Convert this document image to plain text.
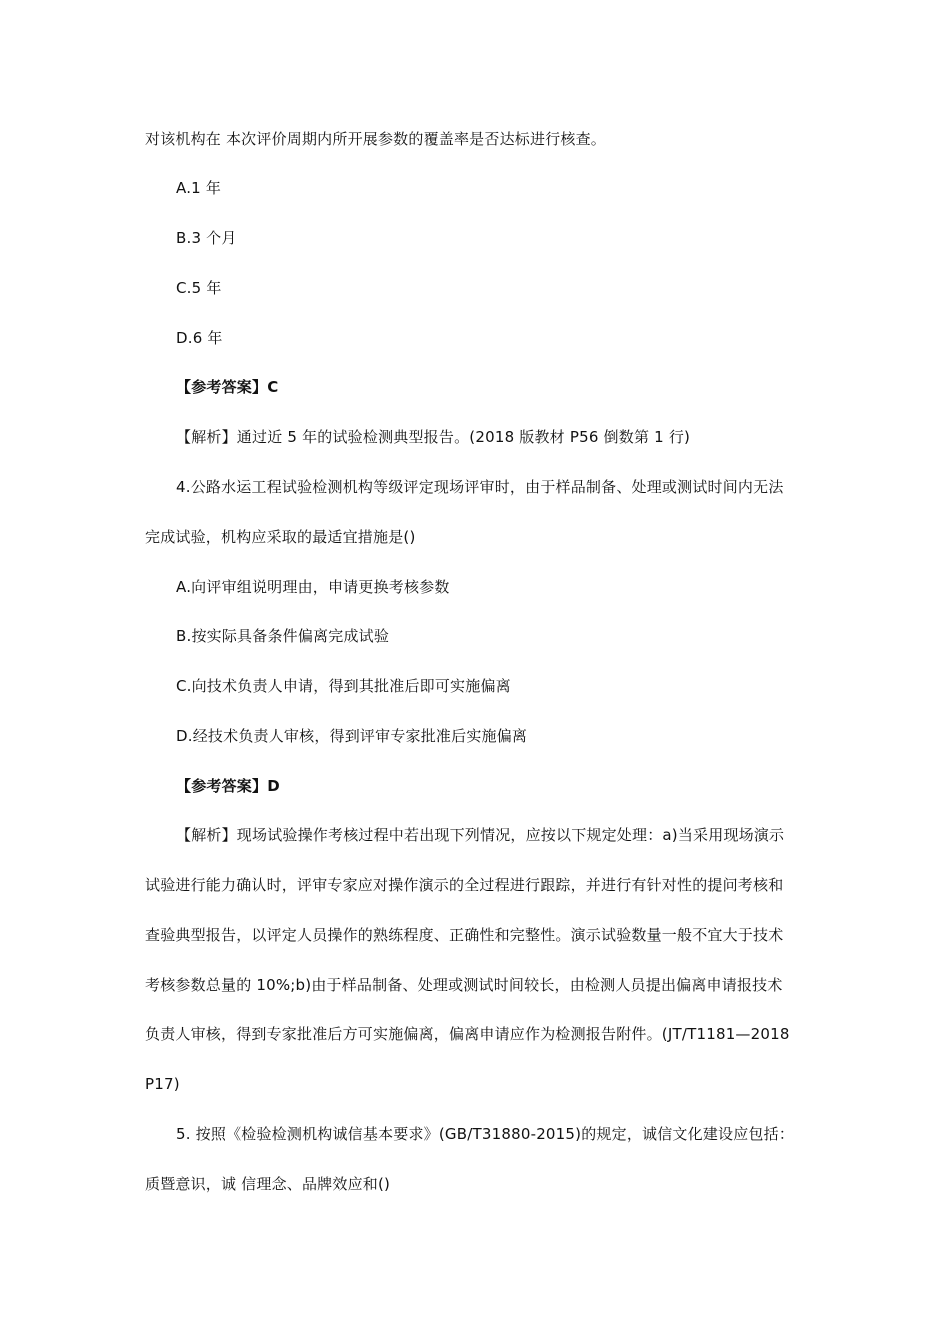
对该机构在 本次评价周期内所开展参数的覆盖率是否达标进行核查。
A.1 年
B.3 个月
C.5 年
D.6 年
【参考答案】C
【解析】通过近 5 年的试验检测典型报告。(2018 版教材 P56 倒数第 1 行)
4.公路水运工程试验检测机构等级评定现场评审时，由于样品制备、处理或测试时间内无法
完成试验，机构应采取的最适宜措施是()
A.向评审组说明理由，申请更换考核参数
B.按实际具备条件偏离完成试验
C.向技术负责人申请，得到其批准后即可实施偏离
D.经技术负责人审核，得到评审专家批准后实施偏离
【参考答案】D
【解析】现场试验操作考核过程中若出现下列情况，应按以下规定处理：a)当采用现场演示
试验进行能力确认时，评审专家应对操作演示的全过程进行跟踪，并进行有针对性的提问考核和
查验典型报告，以评定人员操作的熟练程度、正确性和完整性。演示试验数量一般不宜大于技术
考核参数总量的 10%;b)由于样品制备、处理或测试时间较长，由检测人员提出偏离申请报技术
负责人审核，得到专家批准后方可实施偏离，偏离申请应作为检测报告附件。(JT/T1181—2018
P17)
5. 按照《检验检测机构诚信基本要求》(GB/T31880-2015)的规定，诚信文化建设应包括：
质暨意识，诚 信理念、品牌效应和()
